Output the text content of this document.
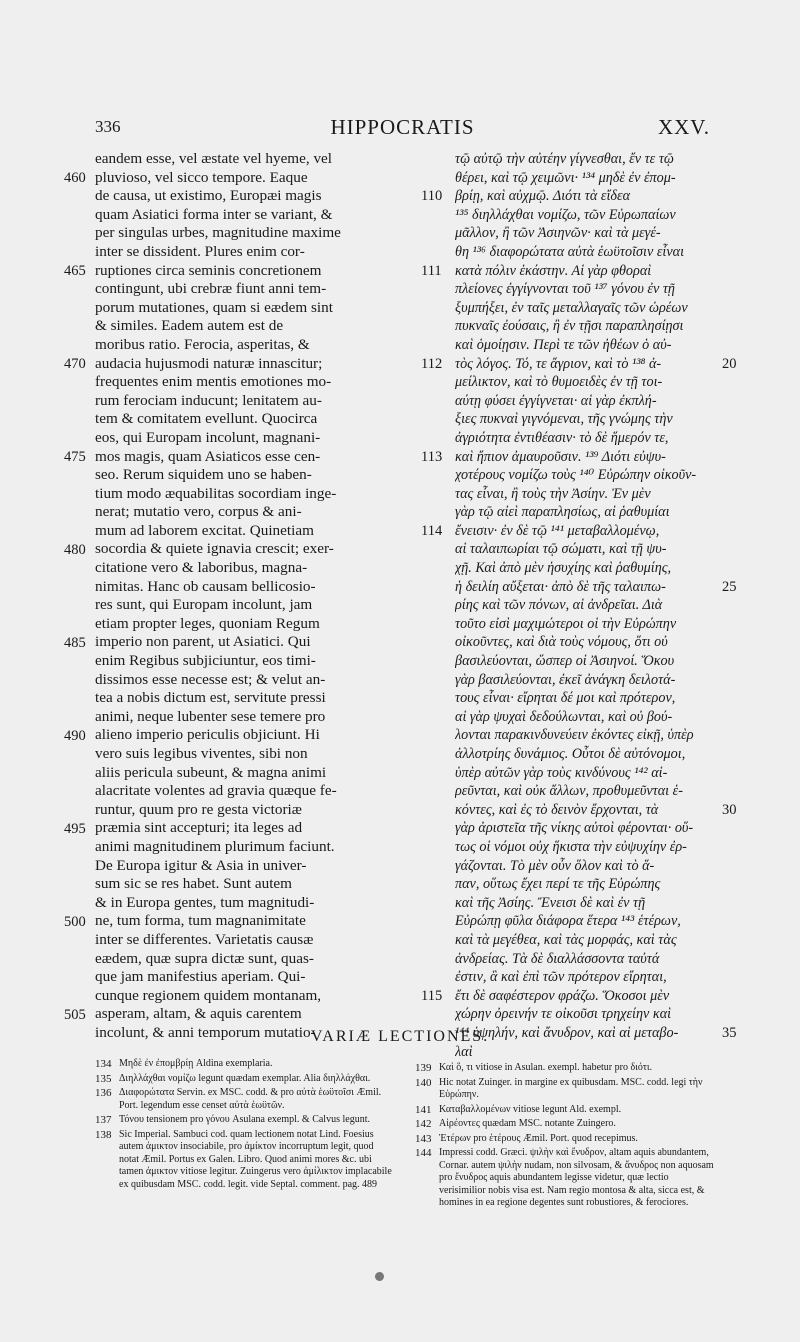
336	HIPPOCRATIS	XXV.
eandem esse, vel æstate vel hyeme, vel
pluvioso, vel sicco tempore. Eaque
de causa, ut existimo, Europæi magis
quam Asiatici forma inter se variant, &
per singulas urbes, magnitudine maxime
inter se dissident. Plures enim cor-
ruptiones circa seminis concretionem
contingunt, ubi crebræ fiunt anni tem-
porum mutationes, quam si eædem sint
& similes. Eadem autem est de
moribus ratio. Ferocia, asperitas, &
audacia hujusmodi naturæ innascitur;
frequentes enim mentis emotiones mo-
rum ferociam inducunt; lenitatem au-
tem & comitatem evellunt. Quocirca
eos, qui Europam incolunt, magnani-
mos magis, quam Asiaticos esse cen-
seo. Rerum siquidem uno se haben-
tium modo æquabilitas socordiam inge-
nerat; mutatio vero, corpus & ani-
mum ad laborem excitat. Quinetiam
socordia & quiete ignavia crescit; exer-
citatione vero & laboribus, magna-
nimitas. Hanc ob causam bellicosio-
res sunt, qui Europam incolunt, jam
etiam propter leges, quoniam Regum
imperio non parent, ut Asiatici. Qui
enim Regibus subjiciuntur, eos timi-
dissimos esse necesse est; & velut an-
tea a nobis dictum est, servitute pressi
animi, neque lubenter sese temere pro
alieno imperio periculis objiciunt. Hi
vero suis legibus viventes, sibi non
aliis pericula subeunt, & magna animi
alacritate volentes ad gravia quæque fe-
runtur, quum pro re gesta victoriæ
præmia sint accepturi; ita leges ad
animi magnitudinem plurimum faciunt.
De Europa igitur & Asia in univer-
sum sic se res habet. Sunt autem
& in Europa gentes, tum magnitudi-
ne, tum forma, tum magnanimitate
inter se differentes. Varietatis causæ
eædem, quæ supra dictæ sunt, quas-
que jam manifestius aperiam. Qui-
cunque regionem quidem montanam,
asperam, altam, & aquis carentem
incolunt, & anni temporum mutatio-
τῷ αὐτῷ τὴν αὐτέην γίγνεσθαι, ἔν τε τῷ
θέρει, καὶ τῷ χειμῶνι· ¹³⁴ μηδὲ ἐν ἐπομ-
βρίῃ, καὶ αὐχμῷ. Διότι τὰ εἴδεα
¹³⁵ διηλλάχθαι νομίζω, τῶν Εὐρωπαίων
μᾶλλον, ἢ τῶν Ἀσιηνῶν· καὶ τὰ μεγέ-
θη ¹³⁶ διαφορώτατα αὐτὰ ἑωϋτοῖσιν εἶναι
κατὰ πόλιν ἑκάστην. Αἱ γὰρ φθοραὶ
πλείονες ἐγγίγνονται τοῦ ¹³⁷ γόνου ἐν τῇ
ξυμπήξει, ἐν ταῖς μεταλλαγαῖς τῶν ὡρέων
πυκναῖς ἐούσαις, ἢ ἐν τῇσι παραπλησίῃσι
καὶ ὁμοίῃσιν. Περὶ τε τῶν ἠθέων ὁ αὐ-
τὸς λόγος. Τό, τε ἄγριον, καὶ τὸ ¹³⁸ ἀ-
μείλικτον, καὶ τὸ θυμοειδὲς ἐν τῇ τοι-
αύτῃ φύσει ἐγγίγνεται· αἱ γὰρ ἐκπλή-
ξιες πυκναὶ γιγνόμεναι, τῆς γνώμης τὴν
ἀγριότητα ἐντιθέασιν· τὸ δὲ ἥμερόν τε,
καὶ ἤπιον ἀμαυροῦσιν. ¹³⁹ Διότι εὐψυ-
χοτέρους νομίζω τοὺς ¹⁴⁰ Εὐρώπην οἰκοῦν-
τας εἶναι, ἢ τοὺς τὴν Ἀσίην. Ἐν μὲν
γὰρ τῷ αἰεὶ παραπλησίως, αἱ ῥαθυμίαι
ἔνεισιν· ἐν δὲ τῷ ¹⁴¹ μεταβαλλομένῳ,
αἱ ταλαιπωρίαι τῷ σώματι, καὶ τῇ ψυ-
χῇ. Καὶ ἀπὸ μὲν ἡσυχίης καὶ ῥαθυμίης,
ἡ δειλίη αὔξεται· ἀπὸ δὲ τῆς ταλαιπω-
ρίης καὶ τῶν πόνων, αἱ ἀνδρεῖαι. Διὰ
τοῦτο εἰσὶ μαχιμώτεροι οἱ τὴν Εὐρώπην
οἰκοῦντες, καὶ διὰ τοὺς νόμους, ὅτι οὐ
βασιλεύονται, ὥσπερ οἱ Ἀσιηνοί. Ὅκου
γὰρ βασιλεύονται, ἐκεῖ ἀνάγκη δειλοτά-
τους εἶναι· εἴρηται δέ μοι καὶ πρότερον,
αἱ γὰρ ψυχαὶ δεδούλωνται, καὶ οὐ βού-
λονται παρακινδυνεύειν ἑκόντες εἰκῇ, ὑπὲρ
ἀλλοτρίης δυνάμιος. Οὗτοι δὲ αὐτόνομοι,
ὑπὲρ αὐτῶν γὰρ τοὺς κινδύνους ¹⁴² αἱ-
ρεῦνται, καὶ οὐκ ἄλλων, προθυμεῦνται ἑ-
κόντες, καὶ ἐς τὸ δεινὸν ἔρχονται, τὰ
γὰρ ἀριστεῖα τῆς νίκης αὐτοὶ φέρονται· οὕ-
τως οἱ νόμοι οὐχ ἥκιστα τὴν εὐψυχίην ἐρ-
γάζονται. Τὸ μὲν οὖν ὅλον καὶ τὸ ἅ-
παν, οὕτως ἔχει περί τε τῆς Εὐρώπης
καὶ τῆς Ἀσίης. Ἔνεισι δὲ καὶ ἐν τῇ
Εὐρώπῃ φῦλα διάφορα ἕτερα ¹⁴³ ἑτέρων,
καὶ τὰ μεγέθεα, καὶ τὰς μορφάς, καὶ τὰς
ἀνδρείας. Τὰ δὲ διαλλάσσοντα ταὐτά
ἐστιν, ἃ καὶ ἐπὶ τῶν πρότερον εἴρηται,
ἔτι δὲ σαφέστερον φράζω. Ὅκοσοι μὲν
χώρην ὀρεινήν τε οἰκοῦσι τρηχείην καὶ
¹⁴⁴ ὑψηλήν, καὶ ἄνυδρον, καὶ αἱ μεταβο-
λαὶ
460
465
470
475
480
485
490
495
500
505
110
111
112
113
114
115
20
25
30
35
VARIÆ LECTIONES.
134 Μηδὲ ἐν ἐπομβρίῃ Aldina exemplaria.
135 Διηλλάχθαι νομίζω legunt quædam exemplar. Alia διηλλάχθαι.
136 Διαφορώτατα Servin. ex MSC. codd. & pro αὐτὰ ἑωϋτοῖσι Æmil. Port. legendum esse censet αὐτὰ ἑωϋτῶν.
137 Τόνου tensionem pro γόνου Asulana exempl. & Calvus legunt.
138 Sic Imperial. Sambuci cod. quam lectionem notat Lind. Foesius autem ἀμικτον insociabile, pro ἀμίκτον incorruptum legit, quod notat Æmil. Portus ex Galen. Libro. Quod animi mores &c. ubi tamen ἀμικτον vitiose legitur. Zuingerus vero ἀμίλικτον implacabile ex quibusdam MSC. codd. legit. vide Septal. comment. pag. 489
139 Καὶ ὅ, τι vitiose in Asulan. exempl. habetur pro διότι.
140 Hic notat Zuinger. in margine ex quibusdam. MSC. codd. legi τὴν Εὐρώπην.
141 Καταβαλλομένων vitiose legunt Ald. exempl.
142 Αἱρέοντες quædam MSC. notante Zuingero.
143 Ἑτέρων pro ἑτέρους Æmil. Port. quod recepimus.
144 Impressi codd. Græci. ψιλὴν καὶ ἔνυδρον, altam aquis abundantem, Cornar. autem ψιλὴν nudam, non silvosam, & ἄνυδρος non aquosam pro ἔνυδρος aquis abundantem legisse videtur, quæ lectio verisimilior nobis visa est. Nam regio montosa & alta, sicca est, & homines in ea regione degentes sunt robustiores, & ferociores.
